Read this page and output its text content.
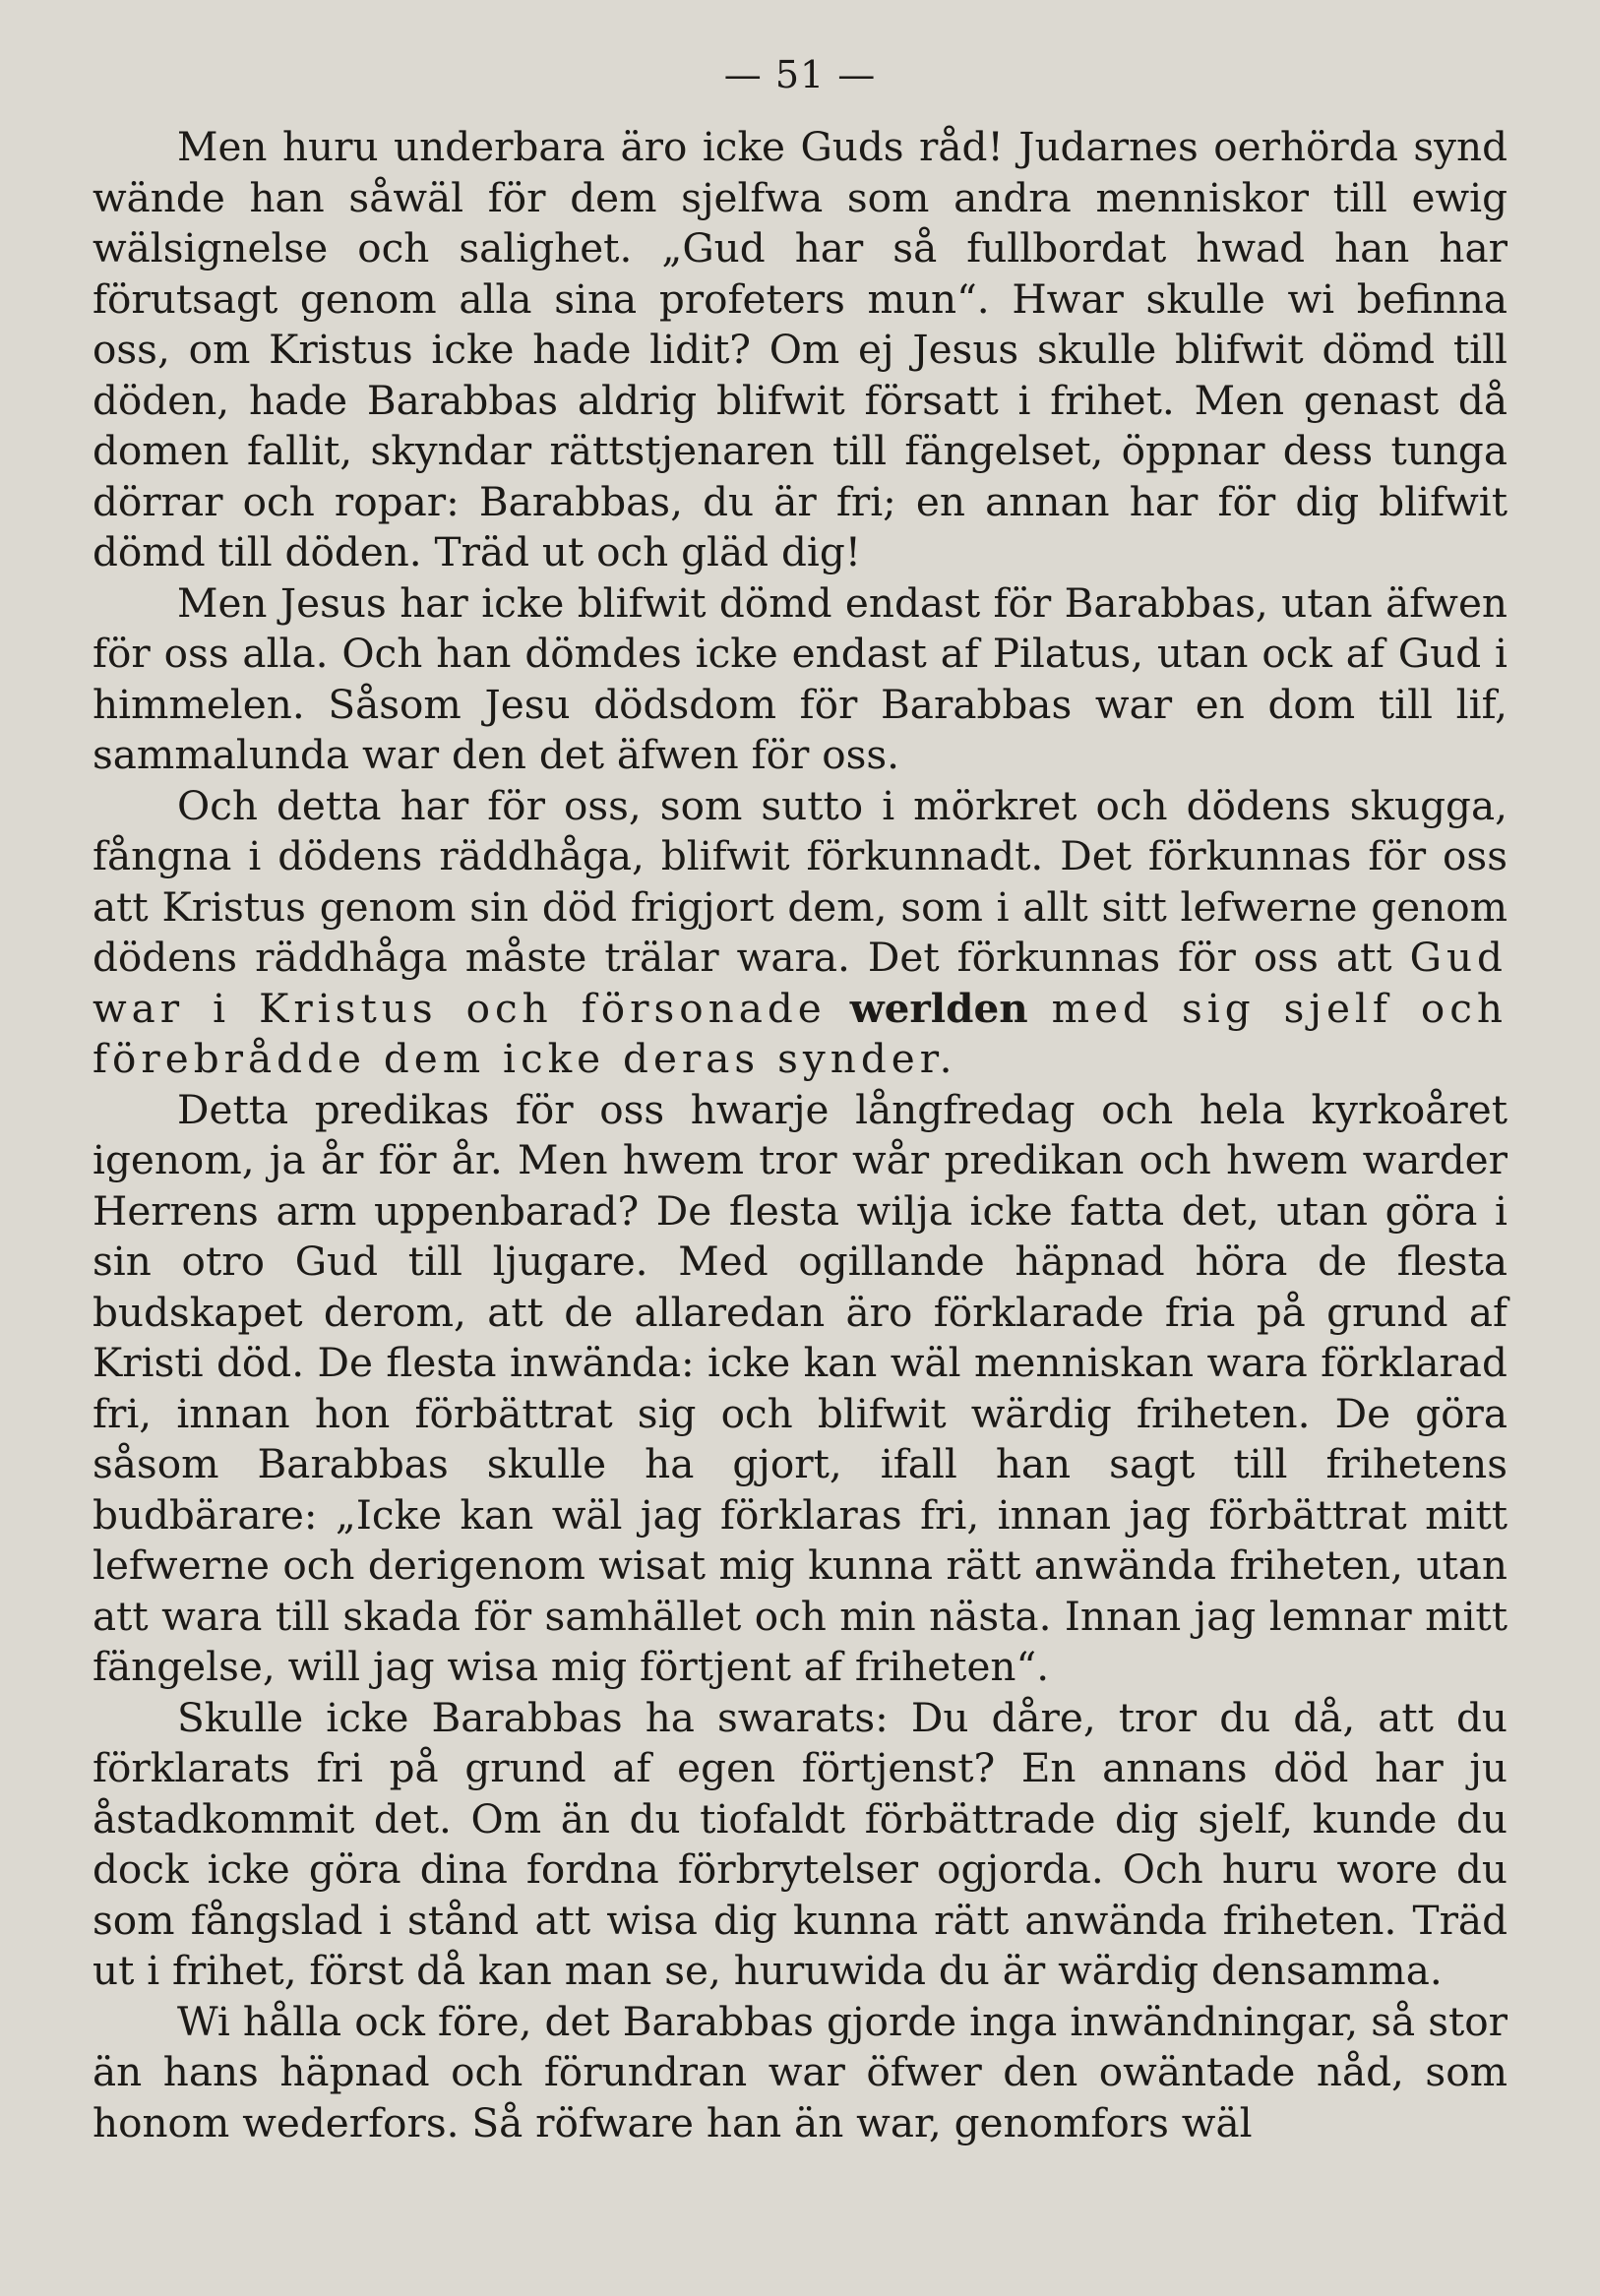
— 51 —

Men huru underbara äro icke Guds råd! Judarnes oerhörda synd wände han såwäl för dem sjelfwa som andra menniskor till ewig wälsignelse och salighet. „Gud har så fullbordat hwad han har förutsagt genom alla sina profeters mun“. Hwar skulle wi befinna oss, om Kristus icke hade lidit? Om ej Jesus skulle blifwit dömd till döden, hade Barabbas aldrig blifwit försatt i frihet. Men genast då domen fallit, skyndar rättstjenaren till fängelset, öppnar dess tunga dörrar och ropar: Barabbas, du är fri; en annan har för dig blifwit dömd till döden. Träd ut och gläd dig!

Men Jesus har icke blifwit dömd endast för Barabbas, utan äfwen för oss alla. Och han dömdes icke endast af Pilatus, utan ock af Gud i himmelen. Såsom Jesu dödsdom för Barabbas war en dom till lif, sammalunda war den det äfwen för oss.

Och detta har för oss, som sutto i mörkret och dödens skugga, fångna i dödens räddhåga, blifwit förkunnadt. Det förkunnas för oss att Kristus genom sin död frigjort dem, som i allt sitt lefwerne genom dödens räddhåga måste trälar wara. Det förkunnas för oss att Gud war i Kristus och försonade werlden med sig sjelf och förebrådde dem icke deras synder.

Detta predikas för oss hwarje långfredag och hela kyrkoåret igenom, ja år för år. Men hwem tror wår predikan och hwem warder Herrens arm uppenbarad? De flesta wilja icke fatta det, utan göra i sin otro Gud till ljugare. Med ogillande häpnad höra de flesta budskapet derom, att de allaredan äro förklarade fria på grund af Kristi död. De flesta inwända: icke kan wäl menniskan wara förklarad fri, innan hon förbättrat sig och blifwit wärdig friheten. De göra såsom Barabbas skulle ha gjort, ifall han sagt till frihetens budbärare: „Icke kan wäl jag förklaras fri, innan jag förbättrat mitt lefwerne och derigenom wisat mig kunna rätt anwända friheten, utan att wara till skada för samhället och min nästa. Innan jag lemnar mitt fängelse, will jag wisa mig förtjent af friheten“.

Skulle icke Barabbas ha swarats: Du dåre, tror du då, att du förklarats fri på grund af egen förtjenst? En annans död har ju åstadkommit det. Om än du tiofaldt förbättrade dig sjelf, kunde du dock icke göra dina fordna förbrytelser ogjorda. Och huru wore du som fångslad i stånd att wisa dig kunna rätt anwända friheten. Träd ut i frihet, först då kan man se, huruwida du är wärdig densamma.

Wi hålla ock före, det Barabbas gjorde inga inwändningar, så stor än hans häpnad och förundran war öfwer den owäntade nåd, som honom wederfors. Så röfware han än war, genomfors wäl
